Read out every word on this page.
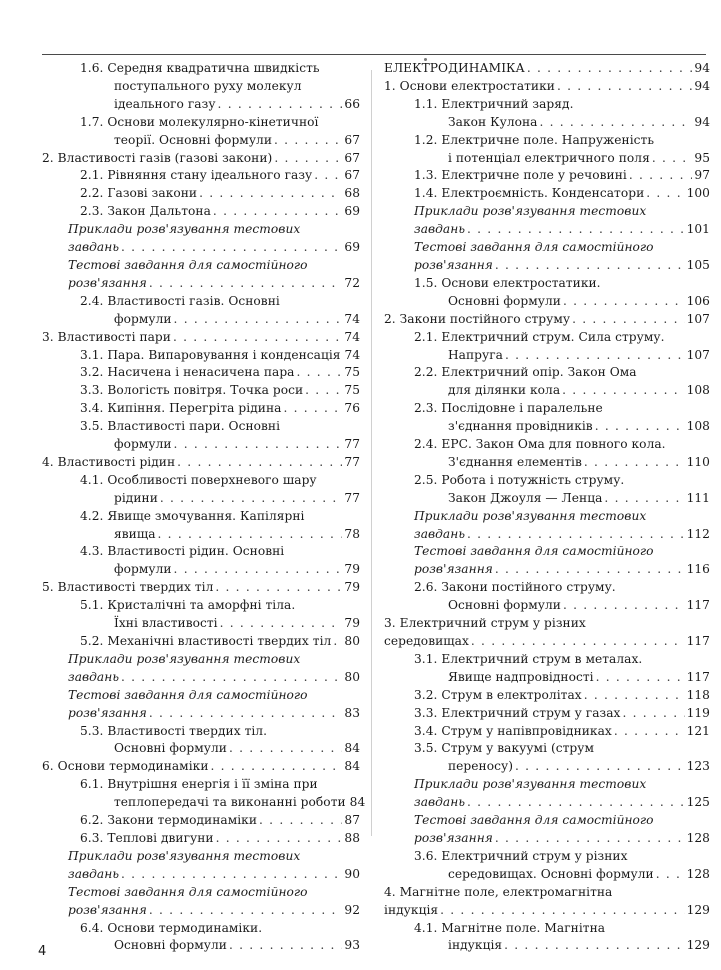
1.6. Середня квадратична швидкість
поступального руху молекул
ідеального газу . . .	66
1.7. Основи молекулярно-кінетичної
теорії. Основні формули . . .	67
2. Властивості газів (газові закони) . . .	67
2.1. Рівняння стану ідеального газу . . .	67
2.2. Газові закони . . .	68
2.3. Закон Дальтона . . .	69
Приклади розв'язування тестових
завдань . . .	69
Тестові завдання для самостійного
розв'язання . . .	72
2.4. Властивості газів. Основні
формули . . .	74
3. Властивості пари . . .	74
3.1. Пара. Випаровування і конденсація 74
3.2. Насичена і ненасичена пара . . .	75
3.3. Вологість повітря. Точка роси . . .	75
3.4. Кипіння. Перегріта рідина . . .	76
3.5. Властивості пари. Основні
формули . . .	77
4. Властивості рідин . . .	77
4.1. Особливості поверхневого шару
рідини . . .	77
4.2. Явище змочування. Капілярні
явища . . .	78
4.3. Властивості рідин. Основні
формули . . .	79
5. Властивості твердих тіл . . .	79
5.1. Кристалічні та аморфні тіла.
Їхні властивості . . .	79
5.2. Механічні властивості твердих тіл . . . 80
Приклади розв'язування тестових
завдань . . .	80
Тестові завдання для самостійного
розв'язання . . .	83
5.3. Властивості твердих тіл.
Основні формули . . .	84
6. Основи термодинаміки . . .	84
6.1. Внутрішня енергія і її зміна при
теплопередачі та виконанні роботи 84
6.2. Закони термодинаміки . . .	87
6.3. Теплові двигуни . . .	88
Приклади розв'язування тестових
завдань . . .	90
Тестові завдання для самостійного
розв'язання . . .	92
6.4. Основи термодинаміки.
Основні формули . . .	93
ЕЛЕКТРОДИНАМІКА . . .	94
1. Основи електростатики . . .	94
1.1. Електричний заряд.
Закон Кулона . . .	94
1.2. Електричне поле. Напруженість
і потенціал електричного поля . . .	95
1.3. Електричне поле у речовині . . .	97
1.4. Електроємність. Конденсатори . . .	100
Приклади розв'язування тестових
завдань . . .	101
Тестові завдання для самостійного
розв'язання . . .	105
1.5. Основи електростатики.
Основні формули . . .	106
2. Закони постійного струму . . .	107
2.1. Електричний струм. Сила струму.
Напруга . . .	107
2.2. Електричний опір. Закон Ома
для ділянки кола . . .	108
2.3. Послідовне і паралельне
з'єднання провідників . . .	108
2.4. ЕРС. Закон Ома для повного кола.
З'єднання елементів . . .	110
2.5. Робота і потужність струму.
Закон Джоуля — Ленца . . .	111
Приклади розв'язування тестових
завдань . . .	112
Тестові завдання для самостійного
розв'язання . . .	116
2.6. Закони постійного струму.
Основні формули . . .	117
3. Електричний струм у різних
середовищах . . .	117
3.1. Електричний струм в металах.
Явище надпровідності . . .	117
3.2. Струм в електролітах . . .	118
3.3. Електричний струм у газах . . .	119
3.4. Струм у напівпровідниках . . .	121
3.5. Струм у вакуумі (струм
переносу) . . .	123
Приклади розв'язування тестових
завдань . . .	125
Тестові завдання для самостійного
розв'язання . . .	128
3.6. Електричний струм у різних
середовищах. Основні формули . . .	128
4. Магнітне поле, електромагнітна
індукція . . .	129
4.1. Магнітне поле. Магнітна
індукція . . .	129
4
